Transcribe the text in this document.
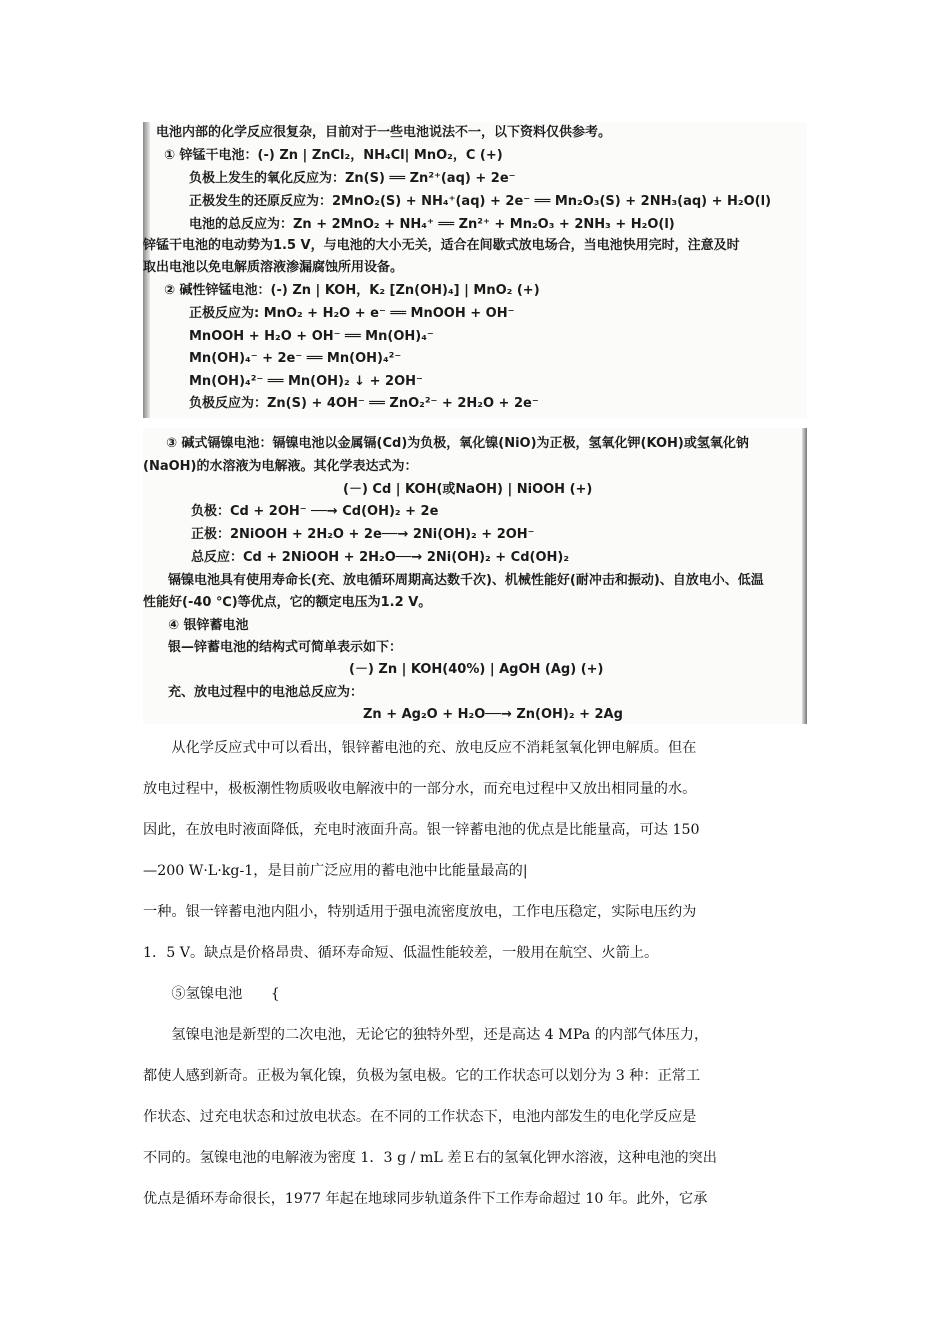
电池内部的化学反应很复杂，目前对于一些电池说法不一，以下资料仅供参考。
① 锌锰干电池：(-) Zn | ZnCl₂，NH₄Cl| MnO₂，C (+)
负极上发生的氧化反应为：Zn(S) ══ Zn²⁺(aq) + 2e⁻
正极发生的还原反应为：2MnO₂(S) + NH₄⁺(aq) + 2e⁻ ══ Mn₂O₃(S) + 2NH₃(aq) + H₂O(l)
电池的总反应为：Zn + 2MnO₂ + NH₄⁺ ══ Zn²⁺ + Mn₂O₃ + 2NH₃ + H₂O(l)
锌锰干电池的电动势为1.5 V，与电池的大小无关，适合在间歇式放电场合，当电池快用完时，注意及时
取出电池以免电解质溶液渗漏腐蚀所用设备。
② 碱性锌锰电池：(-) Zn | KOH，K₂ [Zn(OH)₄] | MnO₂ (+)
正极反应为: MnO₂ + H₂O + e⁻ ══ MnOOH + OH⁻
MnOOH + H₂O + OH⁻ ══ Mn(OH)₄⁻
Mn(OH)₄⁻ + 2e⁻ ══ Mn(OH)₄²⁻
Mn(OH)₄²⁻ ══ Mn(OH)₂ ↓ + 2OH⁻
负极反应为：Zn(S) + 4OH⁻ ══ ZnO₂²⁻ + 2H₂O + 2e⁻
③ 碱式镉镍电池：镉镍电池以金属镉(Cd)为负极，氧化镍(NiO)为正极，氢氧化钾(KOH)或氢氧化钠
(NaOH)的水溶液为电解液。其化学表达式为：
(－) Cd | KOH(或NaOH) | NiOOH (+)
负极：Cd + 2OH⁻ ──→ Cd(OH)₂ + 2e
正极：2NiOOH + 2H₂O + 2e──→ 2Ni(OH)₂ + 2OH⁻
总反应：Cd + 2NiOOH + 2H₂O──→ 2Ni(OH)₂ + Cd(OH)₂
镉镍电池具有使用寿命长(充、放电循环周期高达数千次)、机械性能好(耐冲击和振动)、自放电小、低温
性能好(-40 ℃)等优点，它的额定电压为1.2 V。
④ 银锌蓄电池
银—锌蓄电池的结构式可简单表示如下：
(－) Zn | KOH(40%) | AgOH (Ag) (+)
充、放电过程中的电池总反应为：
Zn + Ag₂O + H₂O──→ Zn(OH)₂ + 2Ag
　　从化学反应式中可以看出，银锌蓄电池的充、放电反应不消耗氢氧化钾电解质。但在
放电过程中，极板潮性物质吸收电解液中的一部分水，而充电过程中又放出相同量的水。
因此，在放电时液面降低，充电时液面升高。银一锌蓄电池的优点是比能量高，可达 150
—200 W·L·kg-1，是目前广泛应用的蓄电池中比能量最高的|
一种。银一锌蓄电池内阻小，特别适用于强电流密度放电，工作电压稳定，实际电压约为
1．5 V。缺点是价格昂贵、循环寿命短、低温性能较差，一般用在航空、火箭上。
　　⑤氢镍电池　　{
　　氢镍电池是新型的二次电池，无论它的独特外型，还是高达 4 MPa 的内部气体压力，
都使人感到新奇。正极为氧化镍，负极为氢电极。它的工作状态可以划分为 3 种：正常工
作状态、过充电状态和过放电状态。在不同的工作状态下，电池内部发生的电化学反应是
不同的。氢镍电池的电解液为密度 1．3 g / mL 差Ｅ右的氢氧化钾水溶液，这种电池的突出
优点是循环寿命很长，1977 年起在地球同步轨道条件下工作寿命超过 10 年。此外，它承
